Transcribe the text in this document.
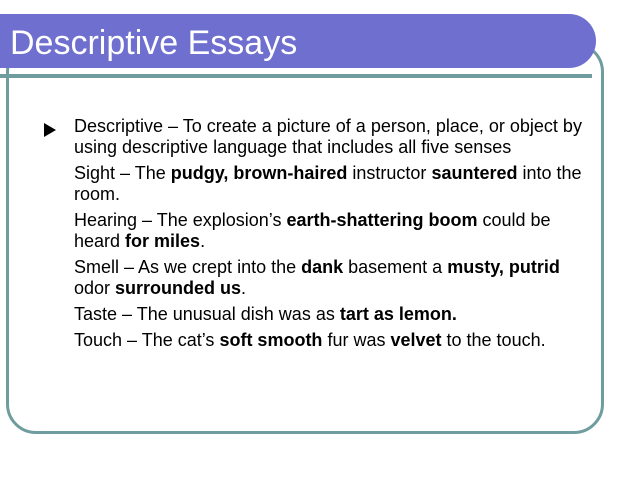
Descriptive Essays

Descriptive – To create a picture of a person, place, or object by using descriptive language that includes all five senses

Sight – The pudgy, brown-haired instructor sauntered into the room.

Hearing – The explosion’s earth-shattering boom could be heard for miles.

Smell – As we crept into the dank basement a musty, putrid odor surrounded us.

Taste – The unusual dish was as tart as lemon.

Touch – The cat’s soft smooth fur was velvet to the touch.
